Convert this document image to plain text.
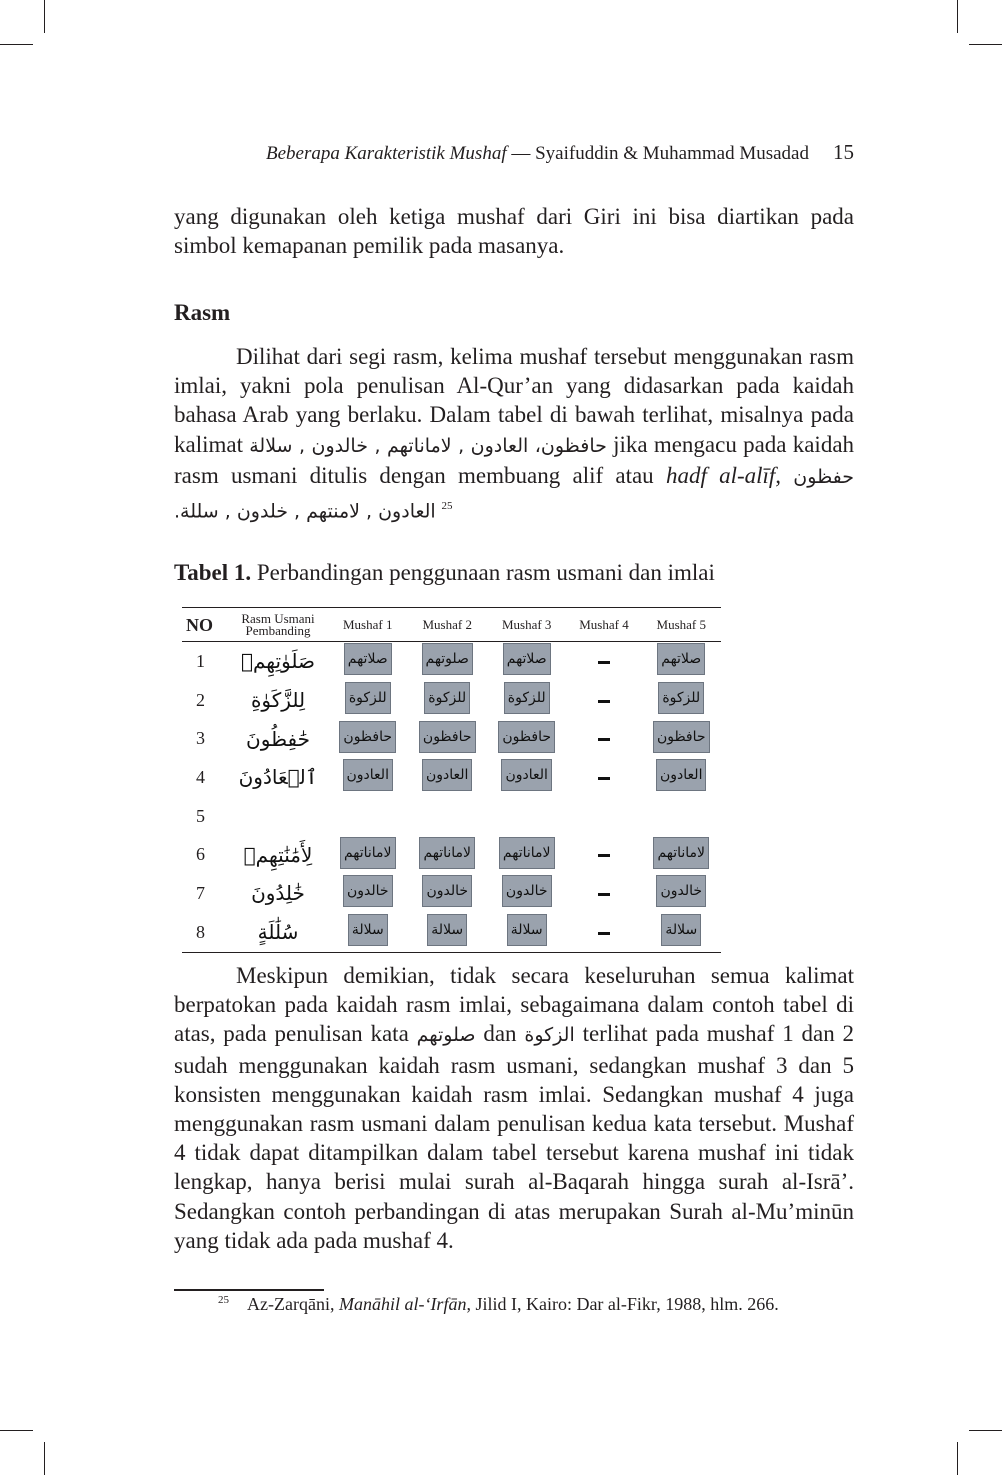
Beberapa Karakteristik Mushaf — Syaifuddin & Muhammad Musadad 15
yang digunakan oleh ketiga mushaf dari Giri ini bisa diartikan pada simbol kemapanan pemilik pada masanya.
Rasm
Dilihat dari segi rasm, kelima mushaf tersebut menggunakan rasm imlai, yakni pola penulisan Al-Qur’an yang didasarkan pada kaidah bahasa Arab yang berlaku. Dalam tabel di bawah terlihat, misalnya pada kalimat حافظون، العادون , لاماناتهم , خالدون , سلالة jika mengacu pada kaidah rasm usmani ditulis dengan membuang alif atau hadf al-alīf, حفظون العادون , لامنتهم , خلدون , سللة. $^{25}$
Tabel 1. Perbandingan penggunaan rasm usmani dan imlai
NO	Rasm Usmani Pembanding	Mushaf 1	Mushaf 2	Mushaf 3	Mushaf 4	Mushaf 5
1	صَلَوٰتِهِمۡ	صلاتهم	صلوتهم	صلاتهم		صلاتهم
2	لِلزَّكَوٰةِ	للزكوة	للزكوة	للزكوة		للزكوة
3	حَٰفِظُونَ	حافظون	حافظون	حافظون		حافظون
4	ٱلۡعَادُونَ	العادون	العادون	العادون		العادون
5						
6	لِأَمَٰنَٰتِهِمۡ	لاماناتهم	لاماناتهم	لاماناتهم		لاماناتهم
7	خَٰلِدُونَ	خالدون	خالدون	خالدون		خالدون
8	سُلَٰلَةٍ	سلالة	سلالة	سلالة		سلالة
Meskipun demikian, tidak secara keseluruhan semua kalimat berpatokan pada kaidah rasm imlai, sebagaimana dalam contoh tabel di atas, pada penulisan kata صلوتهم dan الزكوة terlihat pada mushaf 1 dan 2 sudah menggunakan kaidah rasm usmani, sedangkan mushaf 3 dan 5 konsisten menggunakan kaidah rasm imlai. Sedangkan mushaf 4 juga menggunakan rasm usmani dalam penulisan kedua kata tersebut. Mushaf 4 tidak dapat ditampilkan dalam tabel tersebut karena mushaf ini tidak lengkap, hanya berisi mulai surah al-Baqarah hingga surah al-Isrā’. Sedangkan contoh perbandingan di atas merupakan Surah al-Mu’minūn yang tidak ada pada mushaf 4.
$^{25}$ Az-Zarqāni, Manāhil al-‘Irfān, Jilid I, Kairo: Dar al-Fikr, 1988, hlm. 266.
